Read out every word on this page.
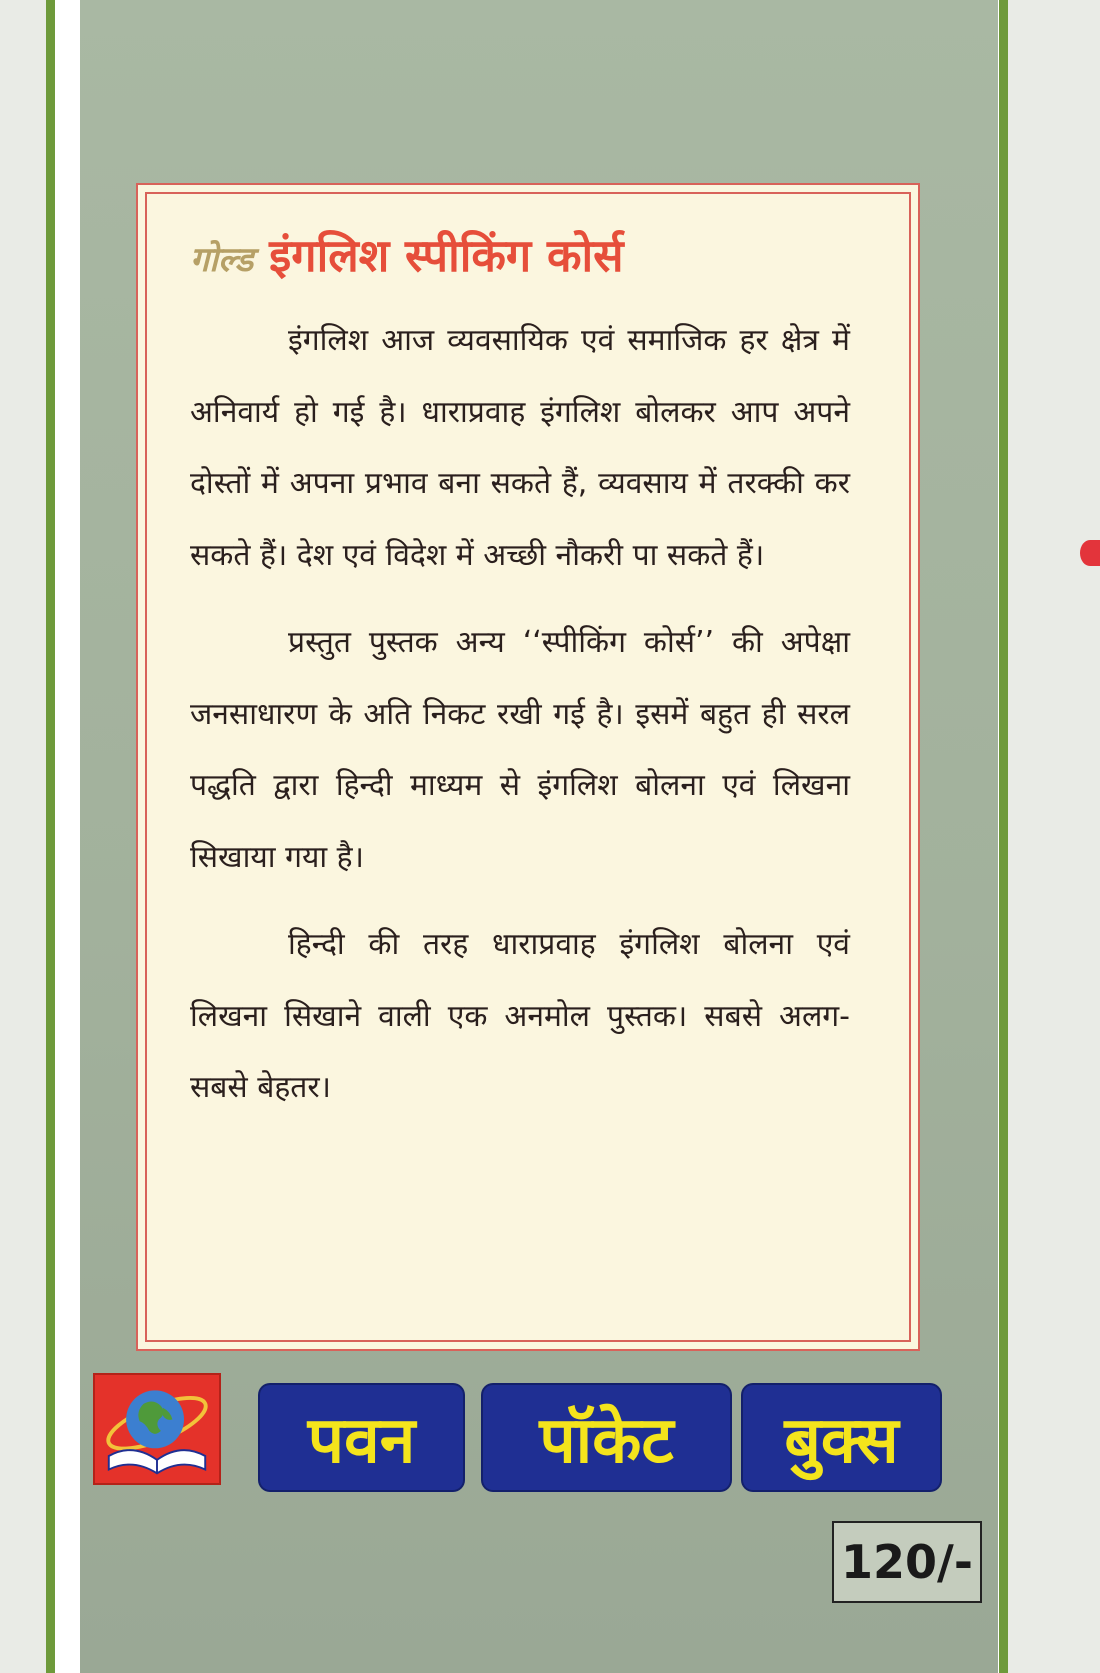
गोल्ड इंगलिश स्पीकिंग कोर्स

इंगलिश आज व्यवसायिक एवं समाजिक हर क्षेत्र में अनिवार्य हो गई है। धाराप्रवाह इंगलिश बोलकर आप अपने दोस्तों में अपना प्रभाव बना सकते हैं, व्यवसाय में तरक्की कर सकते हैं। देश एवं विदेश में अच्छी नौकरी पा सकते हैं।

प्रस्तुत पुस्तक अन्य ‘‘स्पीकिंग कोर्स’’ की अपेक्षा जनसाधारण के अति निकट रखी गई है। इसमें बहुत ही सरल पद्धति द्वारा हिन्दी माध्यम से इंगलिश बोलना एवं लिखना सिखाया गया है।

हिन्दी की तरह धाराप्रवाह इंगलिश बोलना एवं लिखना सिखाने वाली एक अनमोल पुस्तक। सबसे अलग-सबसे बेहतर।

पवन	पॉकेट	बुक्स
120/-
